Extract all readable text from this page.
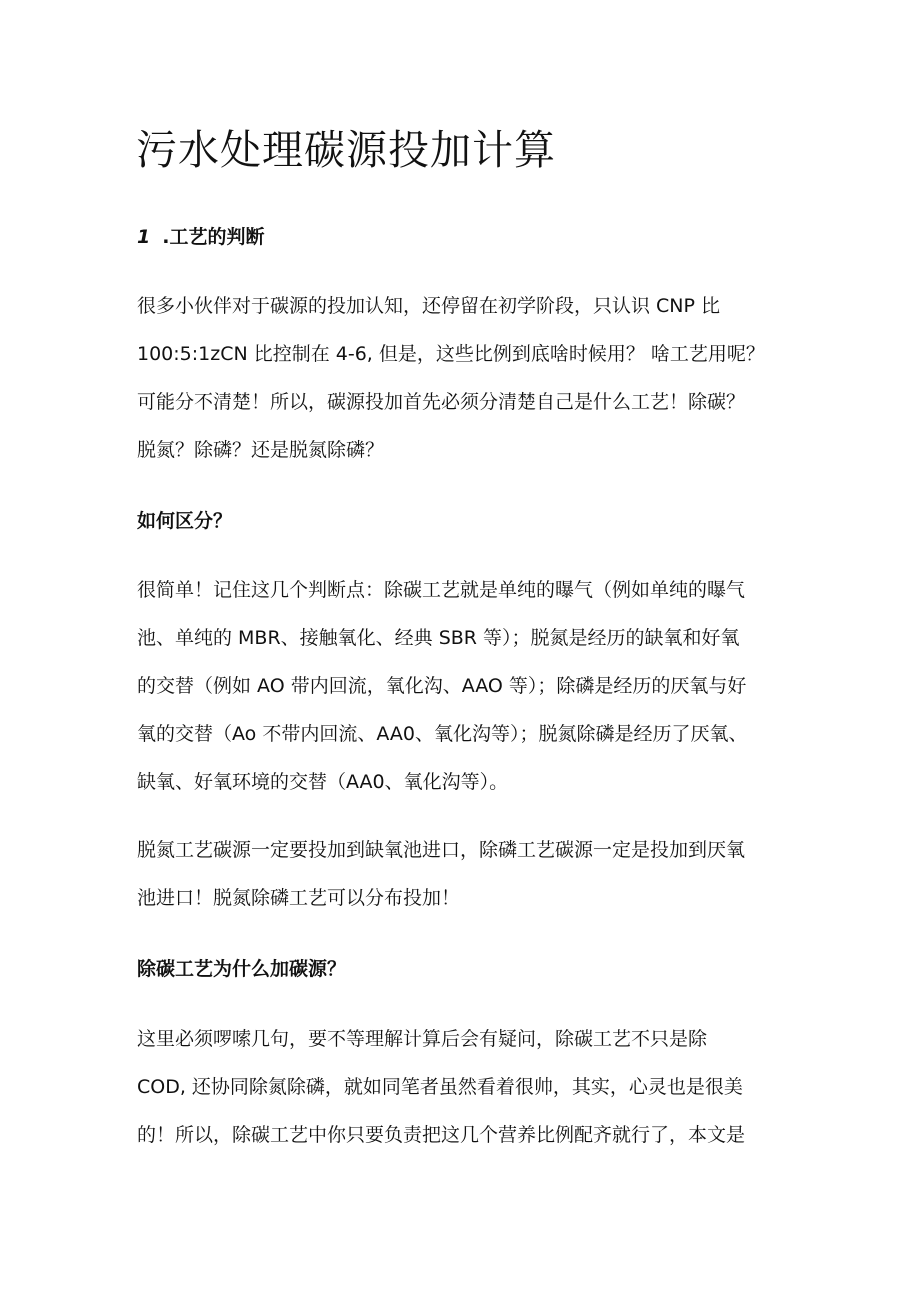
污水处理碳源投加计算
1 .工艺的判断
很多小伙伴对于碳源的投加认知，还停留在初学阶段，只认识 CNP 比
100:5:1zCN 比控制在 4-6, 但是，这些比例到底啥时候用？ 啥工艺用呢？
可能分不清楚！所以，碳源投加首先必须分清楚自己是什么工艺！除碳？
脱氮？除磷？还是脱氮除磷？
如何区分？
很简单！记住这几个判断点：除碳工艺就是单纯的曝气（例如单纯的曝气
池、单纯的 MBR、接触氧化、经典 SBR 等）；脱氮是经历的缺氧和好氧
的交替（例如 AO 带内回流，氧化沟、AAO 等）；除磷是经历的厌氧与好
氧的交替（Ao 不带内回流、AA0、氧化沟等）；脱氮除磷是经历了厌氧、
缺氧、好氧环境的交替（AA0、氧化沟等）。
脱氮工艺碳源一定要投加到缺氧池进口，除磷工艺碳源一定是投加到厌氧
池进口！脱氮除磷工艺可以分布投加！
除碳工艺为什么加碳源？
这里必须啰嗦几句，要不等理解计算后会有疑问，除碳工艺不只是除
COD, 还协同除氮除磷，就如同笔者虽然看着很帅，其实，心灵也是很美
的！所以，除碳工艺中你只要负责把这几个营养比例配齐就行了，本文是
